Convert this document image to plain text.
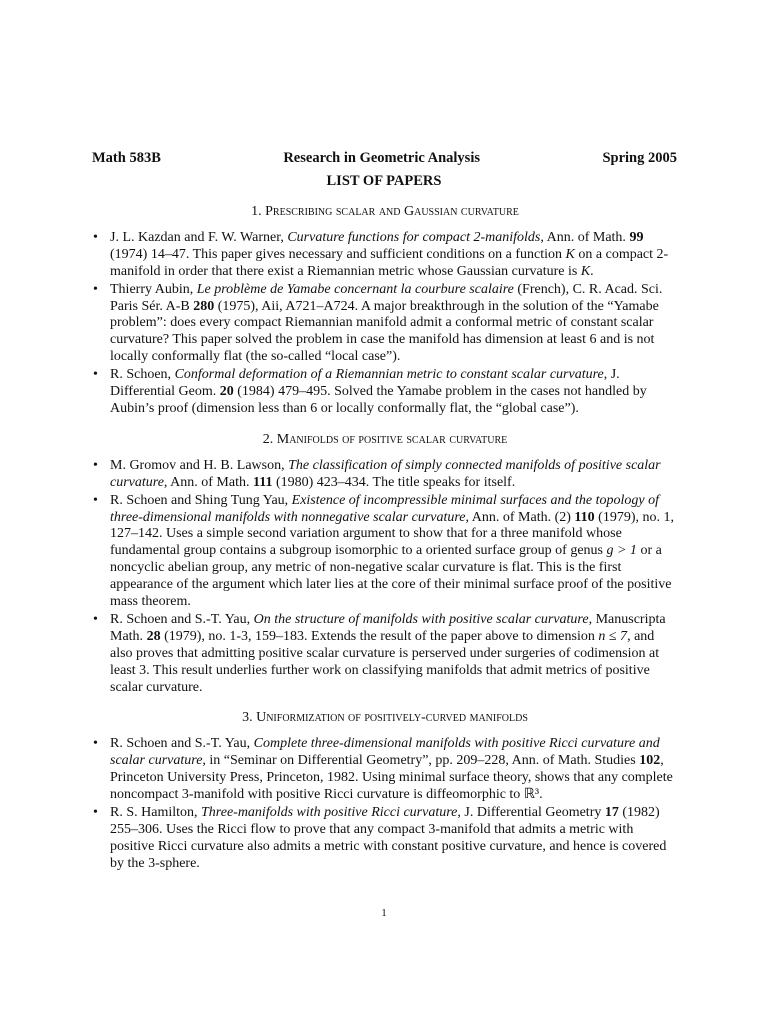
Math 583B	Research in Geometric Analysis	Spring 2005
LIST OF PAPERS
1. Prescribing scalar and Gaussian curvature
• J. L. Kazdan and F. W. Warner, Curvature functions for compact 2-manifolds, Ann. of Math. 99 (1974) 14–47. This paper gives necessary and sufficient conditions on a function K on a compact 2-manifold in order that there exist a Riemannian metric whose Gaussian curvature is K.
• Thierry Aubin, Le problème de Yamabe concernant la courbure scalaire (French), C. R. Acad. Sci. Paris Sér. A-B 280 (1975), Aii, A721–A724. A major breakthrough in the solution of the “Yamabe problem”: does every compact Riemannian manifold admit a conformal metric of constant scalar curvature? This paper solved the problem in case the manifold has dimension at least 6 and is not locally conformally flat (the so-called “local case”).
• R. Schoen, Conformal deformation of a Riemannian metric to constant scalar curvature, J. Differential Geom. 20 (1984) 479–495. Solved the Yamabe problem in the cases not handled by Aubin’s proof (dimension less than 6 or locally conformally flat, the “global case”).
2. Manifolds of positive scalar curvature
• M. Gromov and H. B. Lawson, The classification of simply connected manifolds of positive scalar curvature, Ann. of Math. 111 (1980) 423–434. The title speaks for itself.
• R. Schoen and Shing Tung Yau, Existence of incompressible minimal surfaces and the topology of three-dimensional manifolds with nonnegative scalar curvature, Ann. of Math. (2) 110 (1979), no. 1, 127–142. Uses a simple second variation argument to show that for a three manifold whose fundamental group contains a subgroup isomorphic to a oriented surface group of genus g > 1 or a noncyclic abelian group, any metric of non-negative scalar curvature is flat. This is the first appearance of the argument which later lies at the core of their minimal surface proof of the positive mass theorem.
• R. Schoen and S.-T. Yau, On the structure of manifolds with positive scalar curvature, Manuscripta Math. 28 (1979), no. 1-3, 159–183. Extends the result of the paper above to dimension n ≤ 7, and also proves that admitting positive scalar curvature is perserved under surgeries of codimension at least 3. This result underlies further work on classifying manifolds that admit metrics of positive scalar curvature.
3. Uniformization of positively-curved manifolds
• R. Schoen and S.-T. Yau, Complete three-dimensional manifolds with positive Ricci curvature and scalar curvature, in “Seminar on Differential Geometry”, pp. 209–228, Ann. of Math. Studies 102, Princeton University Press, Princeton, 1982. Using minimal surface theory, shows that any complete noncompact 3-manifold with positive Ricci curvature is diffeomorphic to ℝ³.
• R. S. Hamilton, Three-manifolds with positive Ricci curvature, J. Differential Geometry 17 (1982) 255–306. Uses the Ricci flow to prove that any compact 3-manifold that admits a metric with positive Ricci curvature also admits a metric with constant positive curvature, and hence is covered by the 3-sphere.
1
